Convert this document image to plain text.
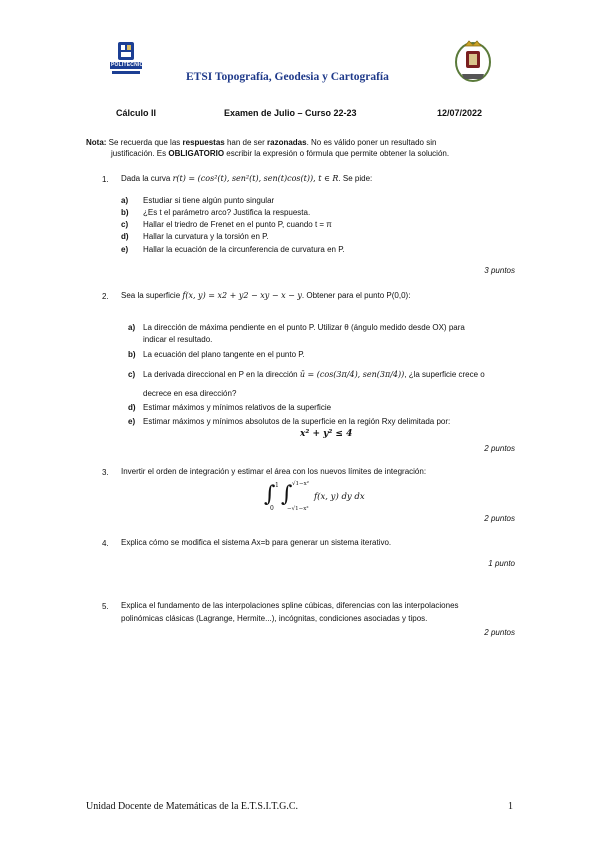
POLITÉCNICA
ETSI Topografía, Geodesia y Cartografía
Cálculo II	Examen de Julio – Curso 22-23	12/07/2022
Nota: Se recuerda que las respuestas han de ser razonadas. No es válido poner un resultado sin
justificación. Es OBLIGATORIO escribir la expresión o fórmula que permite obtener la solución.
1. Dada la curva r(t) = (cos²(t), sen²(t), sen(t)cos(t)), t ∈ R. Se pide:
a) Estudiar si tiene algún punto singular
b) ¿Es t el parámetro arco? Justifica la respuesta.
c) Hallar el triedro de Frenet en el punto P, cuando t = π
d) Hallar la curvatura y la torsión en P.
e) Hallar la ecuación de la circunferencia de curvatura en P.
3 puntos
2. Sea la superficie f(x, y) = x2 + y2 − xy − x − y. Obtener para el punto P(0,0):
a) La dirección de máxima pendiente en el punto P. Utilizar θ (ángulo medido desde OX) para
indicar el resultado.
b) La ecuación del plano tangente en el punto P.
c) La derivada direccional en P en la dirección ū = (cos(3π/4), sen(3π/4)), ¿la superficie crece o
decrece en esa dirección?
d) Estimar máximos y mínimos relativos de la superficie
e) Estimar máximos y mínimos absolutos de la superficie en la región Rxy delimitada por:
x² + y² ≤ 4
2 puntos
3. Invertir el orden de integración y estimar el área con los nuevos límites de integración:
∫ 1
0
∫ √1−x²
−√1−x²
f(x, y) dy dx
2 puntos
4. Explica cómo se modifica el sistema Ax=b para generar un sistema iterativo.
1 punto
5. Explica el fundamento de las interpolaciones spline cúbicas, diferencias con las interpolaciones
polinómicas clásicas (Lagrange, Hermite...), incógnitas, condiciones asociadas y tipos.
2 puntos
Unidad Docente de Matemáticas de la E.T.S.I.T.G.C.	1
